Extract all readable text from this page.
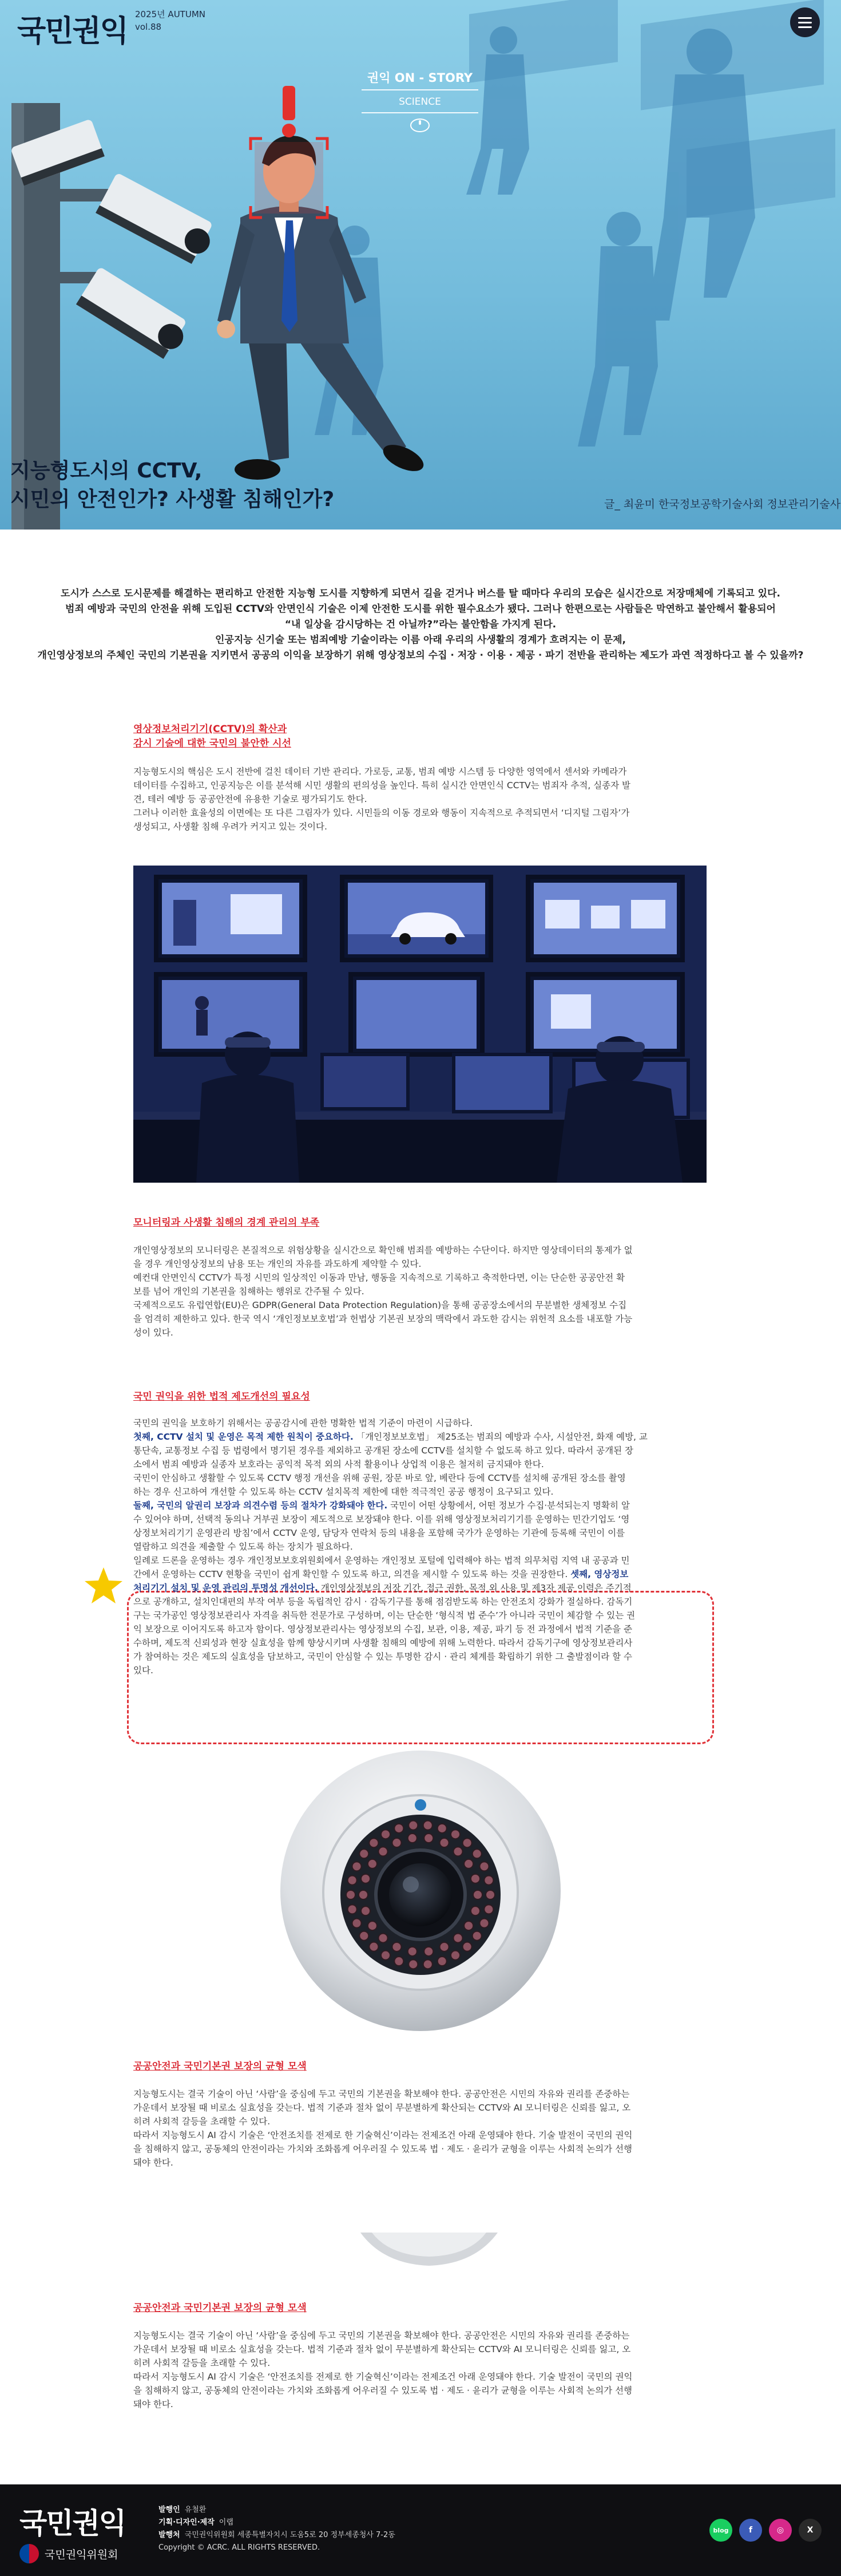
국민권익 2025년 AUTUMN
vol.88
권익 ON - STORY
SCIENCE
지능형도시의 CCTV,
시민의 안전인가? 사생활 침해인가?	글_ 최윤미 한국정보공학기술사회 정보관리기술사
도시가 스스로 도시문제를 해결하는 편리하고 안전한 지능형 도시를 지향하게 되면서 길을 걷거나 버스를 탈 때마다 우리의 모습은 실시간으로 저장매체에 기록되고 있다.
범죄 예방과 국민의 안전을 위해 도입된 CCTV와 안면인식 기술은 이제 안전한 도시를 위한 필수요소가 됐다. 그러나 한편으로는 사람들은 막연하고 불안해서 활용되어
“내 일상을 감시당하는 건 아닐까?”라는 불안함을 가지게 된다.
인공지능 신기술 또는 범죄예방 기술이라는 이름 아래 우리의 사생활의 경계가 흐려지는 이 문제,
개인영상정보의 주체인 국민의 기본권을 지키면서 공공의 이익을 보장하기 위해 영상정보의 수집 · 저장 · 이용 · 제공 · 파기 전반을 관리하는 제도가 과연 적정하다고 볼 수 있을까?
영상정보처리기기(CCTV)의 확산과
감시 기술에 대한 국민의 불안한 시선

지능형도시의 핵심은 도시 전반에 걸친 데이터 기반 관리다. 가로등, 교통, 범죄 예방 시스템 등 다양한 영역에서 센서와 카메라가

데이터를 수집하고, 인공지능은 이를 분석해 시민 생활의 편의성을 높인다. 특히 실시간 안면인식 CCTV는 범죄자 추적, 실종자 발

견, 테러 예방 등 공공안전에 유용한 기술로 평가되기도 한다.

그러나 이러한 효율성의 이면에는 또 다른 그림자가 있다. 시민들의 이동 경로와 행동이 지속적으로 추적되면서 ‘디지털 그림자’가

생성되고, 사생활 침해 우려가 커지고 있는 것이다.

모니터링과 사생활 침해의 경계 관리의 부족

개인영상정보의 모니터링은 본질적으로 위험상황을 실시간으로 확인해 범죄를 예방하는 수단이다. 하지만 영상데이터의 통제가 없

을 경우 개인영상정보의 남용 또는 개인의 자유를 과도하게 제약할 수 있다.

예컨대 안면인식 CCTV가 특정 시민의 일상적인 이동과 만남, 행동을 지속적으로 기록하고 축적한다면, 이는 단순한 공공안전 확

보를 넘어 개인의 기본권을 침해하는 행위로 간주될 수 있다.

국제적으로도 유럽연합(EU)은 GDPR(General Data Protection Regulation)을 통해 공공장소에서의 무분별한 생체정보 수집

을 엄격히 제한하고 있다. 한국 역시 ‘개인정보보호법’과 헌법상 기본권 보장의 맥락에서 과도한 감시는 위헌적 요소를 내포할 가능

성이 있다.

국민 권익을 위한 법적 제도개선의 필요성

국민의 권익을 보호하기 위해서는 공공감시에 관한 명확한 법적 기준이 마련이 시급하다.

첫째, CCTV 설치 및 운영은 목적 제한 원칙이 중요하다. 「개인정보보호법」 제25조는 범죄의 예방과 수사, 시설안전, 화재 예방, 교

통단속, 교통정보 수집 등 법령에서 명기된 경우를 제외하고 공개된 장소에 CCTV를 설치할 수 없도록 하고 있다. 따라서 공개된 장

소에서 범죄 예방과 실종자 보호라는 공익적 목적 외의 사적 활용이나 상업적 이용은 철저히 금지돼야 한다.

국민이 안심하고 생활할 수 있도록 CCTV 행정 개선을 위해 공원, 장문 바로 앞, 베란다 등에 CCTV를 설치해 공개된 장소를 촬영

하는 경우 신고하여 개선할 수 있도록 하는 CCTV 설치목적 제한에 대한 적극적인 공공 행정이 요구되고 있다.

둘째, 국민의 알권리 보장과 의견수렴 등의 절차가 강화돼야 한다. 국민이 어떤 상황에서, 어떤 정보가 수집·분석되는지 명확히 알

수 있어야 하며, 선택적 동의나 거부권 보장이 제도적으로 보장돼야 한다. 이를 위해 영상정보처리기기를 운영하는 민간기업도 ‘영

상정보처리기기 운영관리 방침’에서 CCTV 운영, 담당자 연락처 등의 내용을 포함해 국가가 운영하는 기관에 등록해 국민이 이를

열람하고 의견을 제출할 수 있도록 하는 장치가 필요하다.

일례로 드론을 운영하는 경우 개인정보보호위원회에서 운영하는 개인정보 포털에 입력해야 하는 법적 의무처럼 지역 내 공공과 민

간에서 운영하는 CCTV 현황을 국민이 쉽게 확인할 수 있도록 하고, 의견을 제시할 수 있도록 하는 것을 권장한다. 셋째, 영상정보

처리기기 설치 및 운영 관리의 투명성 개선이다. 개인영상정보의 저장 기간, 접근 권한, 목적 외 사용 및 제3자 제공 이력은 주기적

으로 공개하고, 설치인대편의 부작 여부 등을 독립적인 감시 · 감독기구를 통해 점검받도록 하는 안전조치 강화가 절실하다. 감독기

구는 국가공인 영상정보관리사 자격을 취득한 전문가로 구성하며, 이는 단순한 ‘형식적 법 준수’가 아니라 국민이 체감할 수 있는 권

익 보장으로 이어지도록 하고자 함이다. 영상정보관리사는 영상정보의 수집, 보관, 이용, 제공, 파기 등 전 과정에서 법적 기준을 준

수하며, 제도적 신뢰성과 현장 실효성을 함께 향상시키며 사생활 침해의 예방에 위해 노력한다. 따라서 감독기구에 영상정보관리사

가 참여하는 것은 제도의 실효성을 담보하고, 국민이 안심할 수 있는 투명한 감시 · 관리 체계를 확립하기 위한 그 출발점이라 할 수

있다.

공공안전과 국민기본권 보장의 균형 모색

지능형도시는 결국 기술이 아닌 ‘사람’을 중심에 두고 국민의 기본권을 확보해야 한다. 공공안전은 시민의 자유와 권리를 존중하는

가운데서 보장될 때 비로소 실효성을 갖는다. 법적 기준과 절차 없이 무분별하게 확산되는 CCTV와 AI 모니터링은 신뢰를 잃고, 오

히려 사회적 갈등을 초래할 수 있다.

따라서 지능형도시 AI 감시 기술은 ‘안전조치를 전제로 한 기술혁신’이라는 전제조건 아래 운영돼야 한다. 기술 발전이 국민의 권익

을 침해하지 않고, 공동체의 안전이라는 가치와 조화롭게 어우러질 수 있도록 법 · 제도 · 윤리가 균형을 이루는 사회적 논의가 선행

돼야 한다.

공공안전과 국민기본권 보장의 균형 모색

지능형도시는 결국 기술이 아닌 ‘사람’을 중심에 두고 국민의 기본권을 확보해야 한다. 공공안전은 시민의 자유와 권리를 존중하는

가운데서 보장될 때 비로소 실효성을 갖는다. 법적 기준과 절차 없이 무분별하게 확산되는 CCTV와 AI 모니터링은 신뢰를 잃고, 오

히려 사회적 갈등을 초래할 수 있다.

따라서 지능형도시 AI 감시 기술은 ‘안전조치를 전제로 한 기술혁신’이라는 전제조건 아래 운영돼야 한다. 기술 발전이 국민의 권익

을 침해하지 않고, 공동체의 안전이라는 가치와 조화롭게 어우러질 수 있도록 법 · 제도 · 윤리가 균형을 이루는 사회적 논의가 선행

돼야 한다.

국민권익
국민권익위원회
발행인 유철환
기획·디자인·제작 이랩
발행처 국민권익위원회 세종특별자치시 도움5로 20 정부세종청사 7-2동
Copyright © ACRC. ALL RIGHTS RESERVED.
blog	f	◎	X
